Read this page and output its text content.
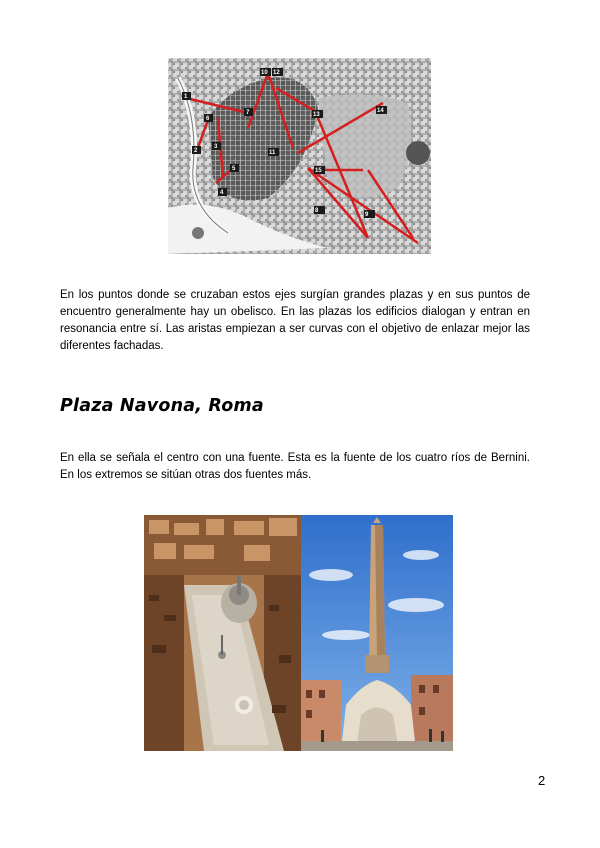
1
2
3
4
5
6
7
10 12
13
14
11
15
8
9

En los puntos donde se cruzaban estos ejes surgían grandes plazas y en sus puntos de encuentro generalmente hay un obelisco. En las plazas los edificios dialogan y entran en resonancia entre sí. Las aristas empiezan a ser curvas con el objetivo de enlazar mejor las diferentes fachadas.

Plaza Navona, Roma

En ella se señala el centro con una fuente. Esta es la fuente de los cuatro ríos de Bernini. En los extremos se sitúan otras dos fuentes más.

2
